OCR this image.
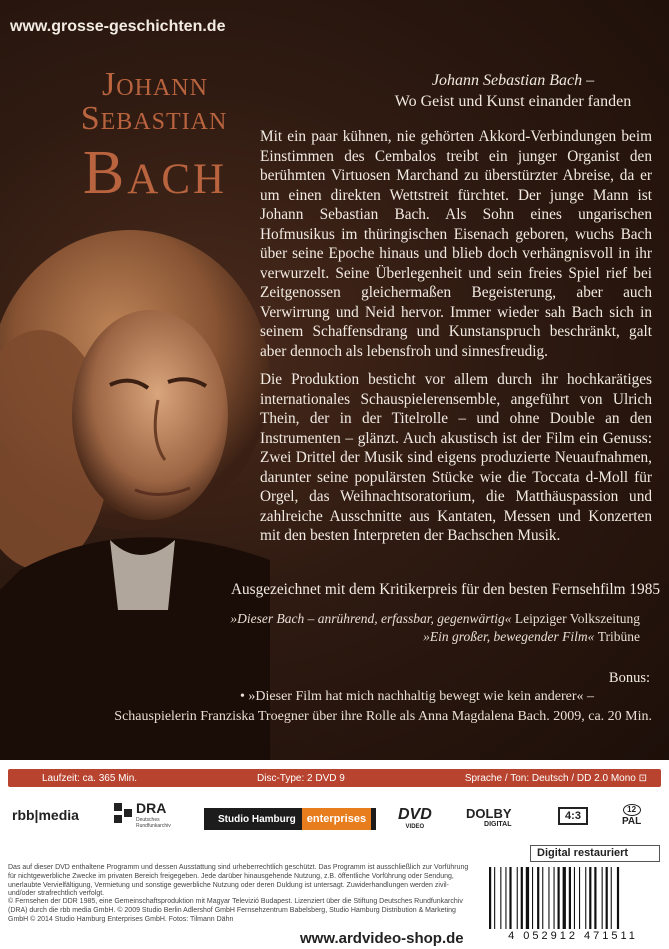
www.grosse-geschichten.de
Johann
Sebastian
Bach
Johann Sebastian Bach –
Wo Geist und Kunst einander fanden

Mit ein paar kühnen, nie gehörten Akkord-Verbindungen beim Einstimmen des Cembalos treibt ein junger Organist den berühmten Virtuosen Marchand zu überstürzter Abreise, da er um einen direkten Wettstreit fürchtet. Der junge Mann ist Johann Sebastian Bach. Als Sohn eines ungarischen Hofmusikus im thüringischen Eisenach geboren, wuchs Bach über seine Epoche hinaus und blieb doch verhängnisvoll in ihr verwurzelt. Seine Überlegenheit und sein freies Spiel rief bei Zeitgenossen gleichermaßen Begeisterung, aber auch Verwirrung und Neid hervor. Immer wieder sah Bach sich in seinem Schaffensdrang und Kunstanspruch beschränkt, galt aber dennoch als lebensfroh und sinnesfreudig.

Die Produktion besticht vor allem durch ihr hochkarätiges internationales Schauspielerensemble, angeführt von Ulrich Thein, der in der Titelrolle – und ohne Double an den Instrumenten – glänzt. Auch akustisch ist der Film ein Genuss: Zwei Drittel der Musik sind eigens produzierte Neuaufnahmen, darunter seine populärsten Stücke wie die Toccata d-Moll für Orgel, das Weihnachtsoratorium, die Matthäuspassion und zahlreiche Ausschnitte aus Kantaten, Messen und Konzerten mit den besten Interpreten der Bachschen Musik.

Ausgezeichnet mit dem Kritikerpreis für den besten Fernsehfilm 1985
»Dieser Bach – anrührend, erfassbar, gegenwärtig« Leipziger Volkszeitung
»Ein großer, bewegender Film« Tribüne
Bonus:
• »Dieser Film hat mich nachhaltig bewegt wie kein anderer« –
Schauspielerin Franziska Troegner über ihre Rolle als Anna Magdalena Bach. 2009, ca. 20 Min.
Laufzeit: ca. 365 Min.	Disc-Type: 2 DVD 9	Sprache / Ton: Deutsch / DD 2.0 Mono ⊡
rbb|media	DRA
Deutsches Rundfunkarchiv
Studio Hamburg	enterprises	DVD
VIDEO
DOLBY
DIGITAL
4:3
12
PAL
Digital restauriert

Das auf dieser DVD enthaltene Programm und dessen Ausstattung sind urheberrechtlich geschützt. Das Programm ist ausschließlich zur Vorführung für nichtgewerbliche Zwecke im privaten Bereich freigegeben. Jede darüber hinausgehende Nutzung, z.B. öffentliche Vorführung oder Sendung, unerlaubte Vervielfältigung, Vermietung und sonstige gewerbliche Nutzung oder deren Duldung ist untersagt. Zuwiderhandlungen werden zivil- und/oder strafrechtlich verfolgt.

© Fernsehen der DDR 1985, eine Gemeinschaftsproduktion mit Magyar Televizió Budapest. Lizenziert über die Stiftung Deutsches Rundfunkarchiv (DRA) durch die rbb media GmbH. © 2009 Studio Berlin Adlershof GmbH Fernsehzentrum Babelsberg, Studio Hamburg Distribution & Marketing GmbH © 2014 Studio Hamburg Enterprises GmbH. Fotos: Tilmann Dähn

4 052912 471511
www.ardvideo-shop.de
